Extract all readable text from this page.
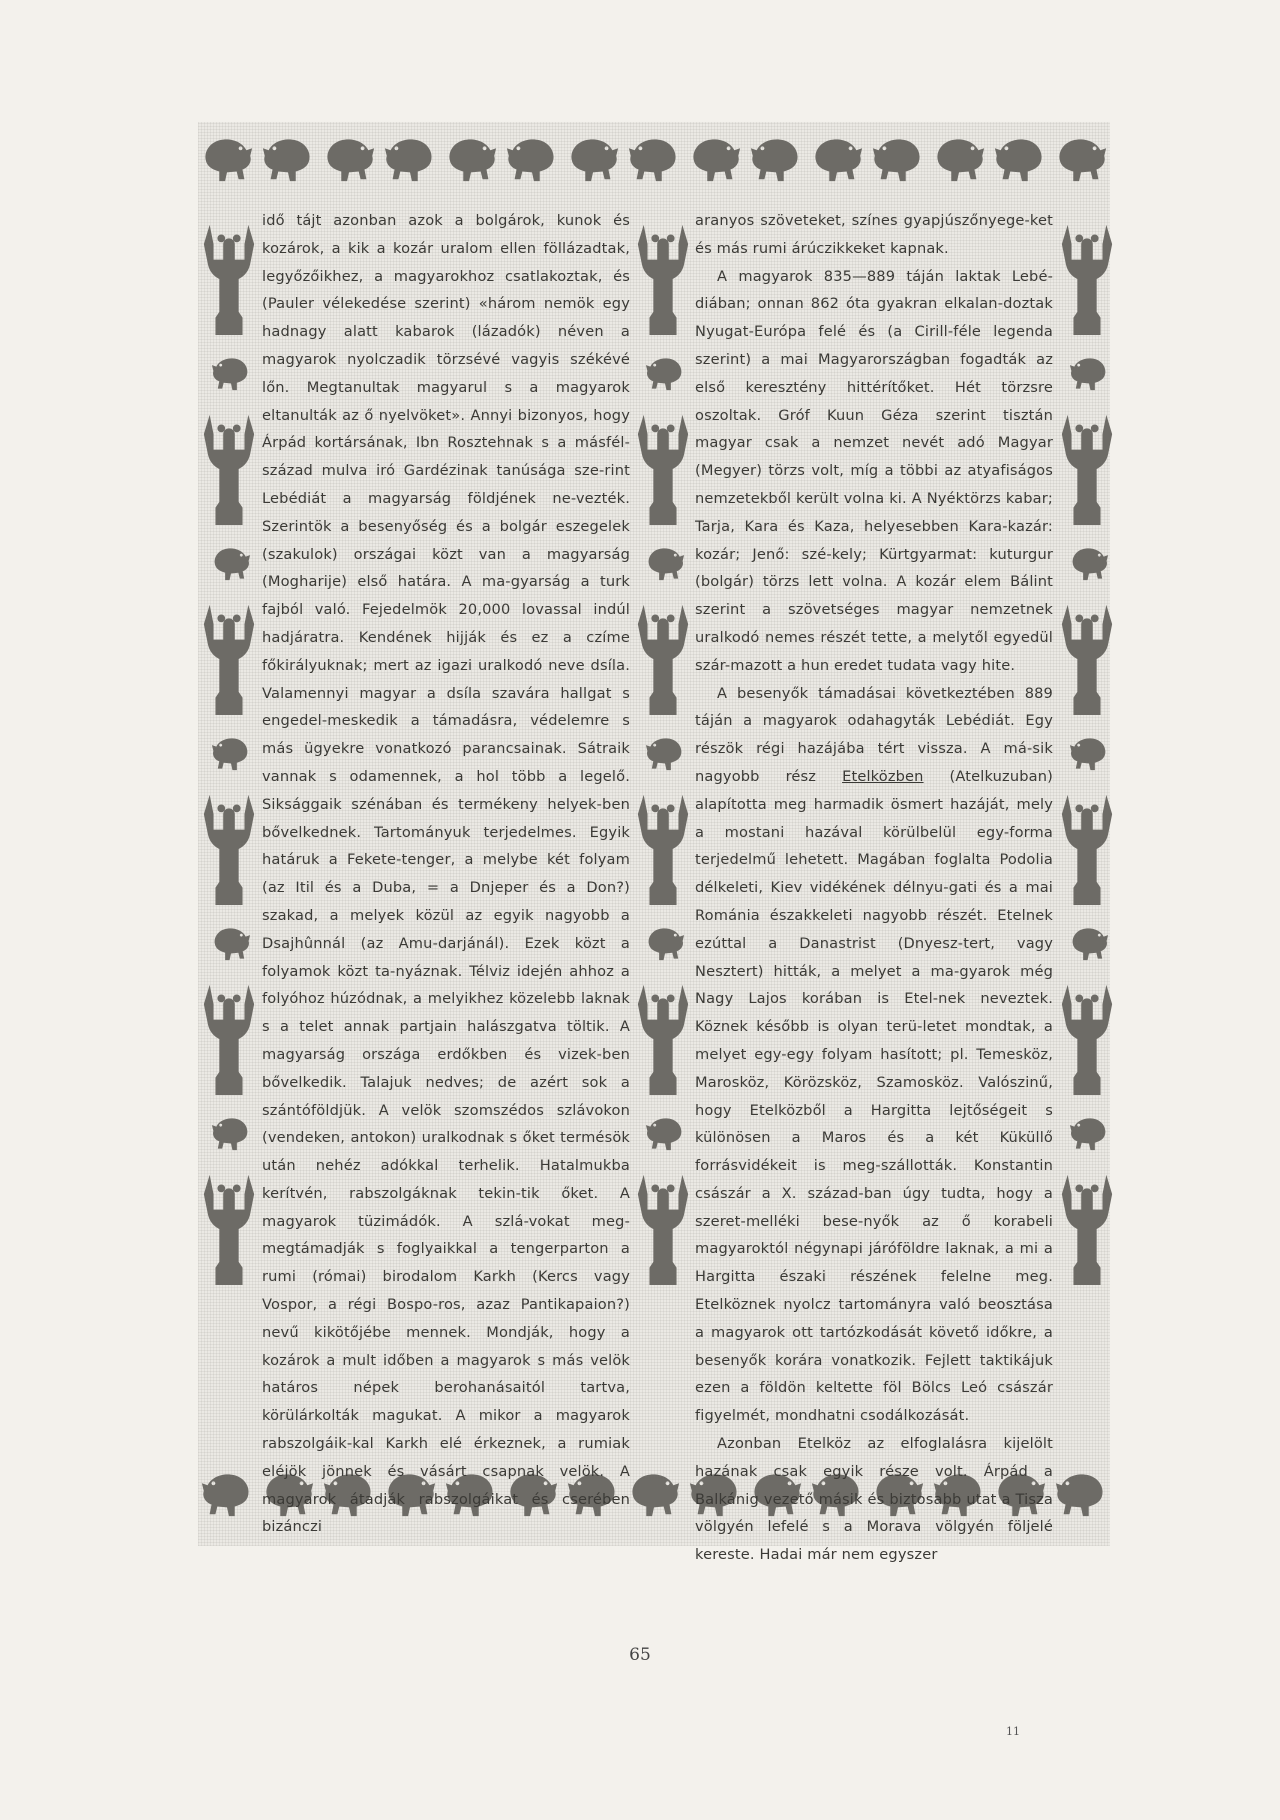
idő tájt azonban azok a bolgárok, kunok és kozárok, a kik a kozár uralom ellen föllázadtak, legyőzőikhez, a magyarokhoz csatlakoztak, és (Pauler vélekedése szerint) «három nemök egy hadnagy alatt kabarok (lázadók) néven a magyarok nyolczadik törzsévé vagyis székévé lőn. Megtanultak magyarul s a magyarok eltanulták az ő nyelvöket». Annyi bizonyos, hogy Árpád kortársának, Ibn Rosztehnak s a másfél-század mulva iró Gardézinak tanúsága sze-rint Lebédiát a magyarság földjének ne-vezték. Szerintök a besenyőség és a bolgár eszegelek (szakulok) országai közt van a magyarság (Mogharije) első határa. A ma-gyarság a turk fajból való. Fejedelmök 20,000 lovassal indúl hadjáratra. Kendének hijják és ez a czíme főkirályuknak; mert az igazi uralkodó neve dsíla. Valamennyi magyar a dsíla szavára hallgat s engedel-meskedik a támadásra, védelemre s más ügyekre vonatkozó parancsainak. Sátraik vannak s odamennek, a hol több a legelő. Siksággaik szénában és termékeny helyek-ben bővelkednek. Tartományuk terjedelmes. Egyik határuk a Fekete-tenger, a melybe két folyam (az Itil és a Duba, = a Dnjeper és a Don?) szakad, a melyek közül az egyik nagyobb a Dsajhûnnál (az Amu-darjánál). Ezek közt a folyamok közt ta-nyáznak. Télviz idején ahhoz a folyóhoz húzódnak, a melyikhez közelebb laknak s a telet annak partjain halászgatva töltik. A magyarság országa erdőkben és vizek-ben bővelkedik. Talajuk nedves; de azért sok a szántóföldjük. A velök szomszédos szlávokon (vendeken, antokon) uralkodnak s őket termésök után nehéz adókkal terhelik. Hatalmukba kerítvén, rabszolgáknak tekin-tik őket. A magyarok tüzimádók. A szlá-vokat meg-megtámadják s foglyaikkal a tengerparton a rumi (római) birodalom Karkh (Kercs vagy Vospor, a régi Bospo-ros, azaz Pantikapaion?) nevű kikötőjébe mennek. Mondják, hogy a kozárok a mult időben a magyarok s más velök határos népek berohanásaitól tartva, körülárkolták magukat. A mikor a magyarok rabszolgáik-kal Karkh elé érkeznek, a rumiak eléjök jönnek és vásárt csapnak velök. A magyarok átadják rabszolgáikat és cserében bizánczi

aranyos szöveteket, színes gyapjúszőnyege-ket és más rumi árúczikkeket kapnak.

A magyarok 835—889 táján laktak Lebé-diában; onnan 862 óta gyakran elkalan-doztak Nyugat-Európa felé és (a Cirill-féle legenda szerint) a mai Magyarországban fogadták az első keresztény hittérítőket. Hét törzsre oszoltak. Gróf Kuun Géza szerint tisztán magyar csak a nemzet nevét adó Magyar (Megyer) törzs volt, míg a többi az atyafiságos nemzetekből került volna ki. A Nyéktörzs kabar; Tarja, Kara és Kaza, helyesebben Kara-kazár: kozár; Jenő: szé-kely; Kürtgyarmat: kuturgur (bolgár) törzs lett volna. A kozár elem Bálint szerint a szövetséges magyar nemzetnek uralkodó nemes részét tette, a melytől egyedül szár-mazott a hun eredet tudata vagy hite.

A besenyők támadásai következtében 889 táján a magyarok odahagyták Lebédiát. Egy részök régi hazájába tért vissza. A má-sik nagyobb rész Etelközben (Atelkuzuban) alapította meg harmadik ösmert hazáját, mely a mostani hazával körülbelül egy-forma terjedelmű lehetett. Magában foglalta Podolia délkeleti, Kiev vidékének délnyu-gati és a mai Románia északkeleti nagyobb részét. Etelnek ezúttal a Danastrist (Dnyesz-tert, vagy Nesztert) hitták, a melyet a ma-gyarok még Nagy Lajos korában is Etel-nek neveztek. Köznek később is olyan terü-letet mondtak, a melyet egy-egy folyam hasított; pl. Temesköz, Marosköz, Körözsköz, Szamosköz. Valószinű, hogy Etelközből a Hargitta lejtőségeit s különösen a Maros és a két Küküllő forrásvidékeit is meg-szállották. Konstantin császár a X. század-ban úgy tudta, hogy a szeret-melléki bese-nyők az ő korabeli magyaroktól négynapi járóföldre laknak, a mi a Hargitta északi részének felelne meg. Etelköznek nyolcz tartományra való beosztása a magyarok ott tartózkodását követő időkre, a besenyők korára vonatkozik. Fejlett taktikájuk ezen a földön keltette föl Bölcs Leó császár figyelmét, mondhatni csodálkozását.

Azonban Etelköz az elfoglalásra kijelölt hazának csak egyik része volt. Árpád a Balkánig vezető másik és biztosabb utat a Tisza völgyén lefelé s a Morava völgyén följelé kereste. Hadai már nem egyszer

65
11
